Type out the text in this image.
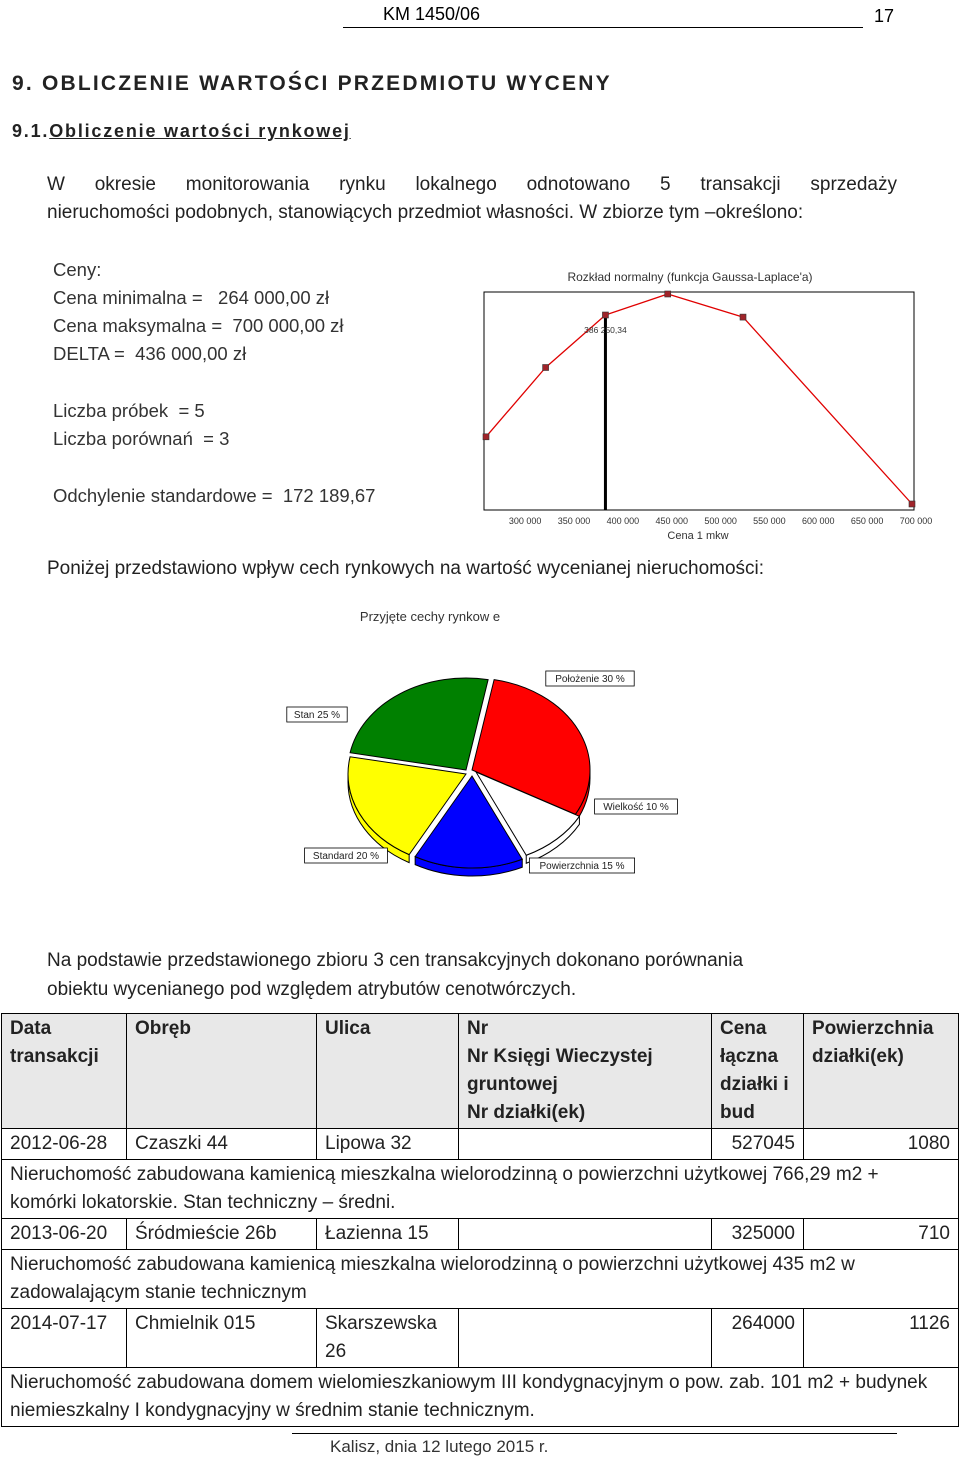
KM 1450/06	17
9. OBLICZENIE WARTOŚCI PRZEDMIOTU WYCENY
9.1.Obliczenie wartości rynkowej
W okresie monitorowania rynku lokalnego odnotowano 5 transakcji sprzedaży
nieruchomości podobnych, stanowiących przedmiot własności. W zbiorze tym –określono:
Ceny:
Cena minimalna =   264 000,00 zł
Cena maksymalna =  700 000,00 zł
DELTA =  436 000,00 zł
Liczba próbek  = 5
Liczba porównań  = 3
Odchylenie standardowe =  172 189,67
Rozkład normalny (funkcja Gaussa-Laplace'a)
300 000 350 000 400 000 450 000 500 000 550 000 600 000 650 000 700 000
386 250,34
Cena 1 mkw
Poniżej przedstawiono wpływ cech rynkowych na wartość wycenianej nieruchomości:
Przyjęte cechy rynkow e
Położenie 30 %
Wielkość 10 %
Powierzchnia 15 %
Standard 20 %
Stan 25 %
Na podstawie przedstawionego zbioru 3 cen transakcyjnych dokonano porównania
obiektu wycenianego pod względem atrybutów cenotwórczych.
Data transakcji	Obręb	Ulica	Nr
Nr Księgi Wieczystej gruntowej
Nr działki(ek)	Cena łączna działki i bud	Powierzchnia działki(ek)
2012-06-28	Czaszki 44	Lipowa 32		527045	1080
Nieruchomość zabudowana kamienicą mieszkalna wielorodzinną o powierzchni użytkowej 766,29 m2 + komórki lokatorskie. Stan techniczny – średni.					
2013-06-20	Śródmieście 26b	Łazienna 15		325000	710
Nieruchomość zabudowana kamienicą mieszkalna wielorodzinną o powierzchni użytkowej 435 m2 w zadowalającym stanie technicznym					
2014-07-17	Chmielnik 015	Skarszewska 26		264000	1126
Nieruchomość zabudowana domem wielomieszkaniowym III kondygnacyjnym o pow. zab. 101 m2 + budynek niemieszkalny I kondygnacyjny w średnim stanie technicznym.					
Kalisz, dnia 12 lutego 2015 r.
